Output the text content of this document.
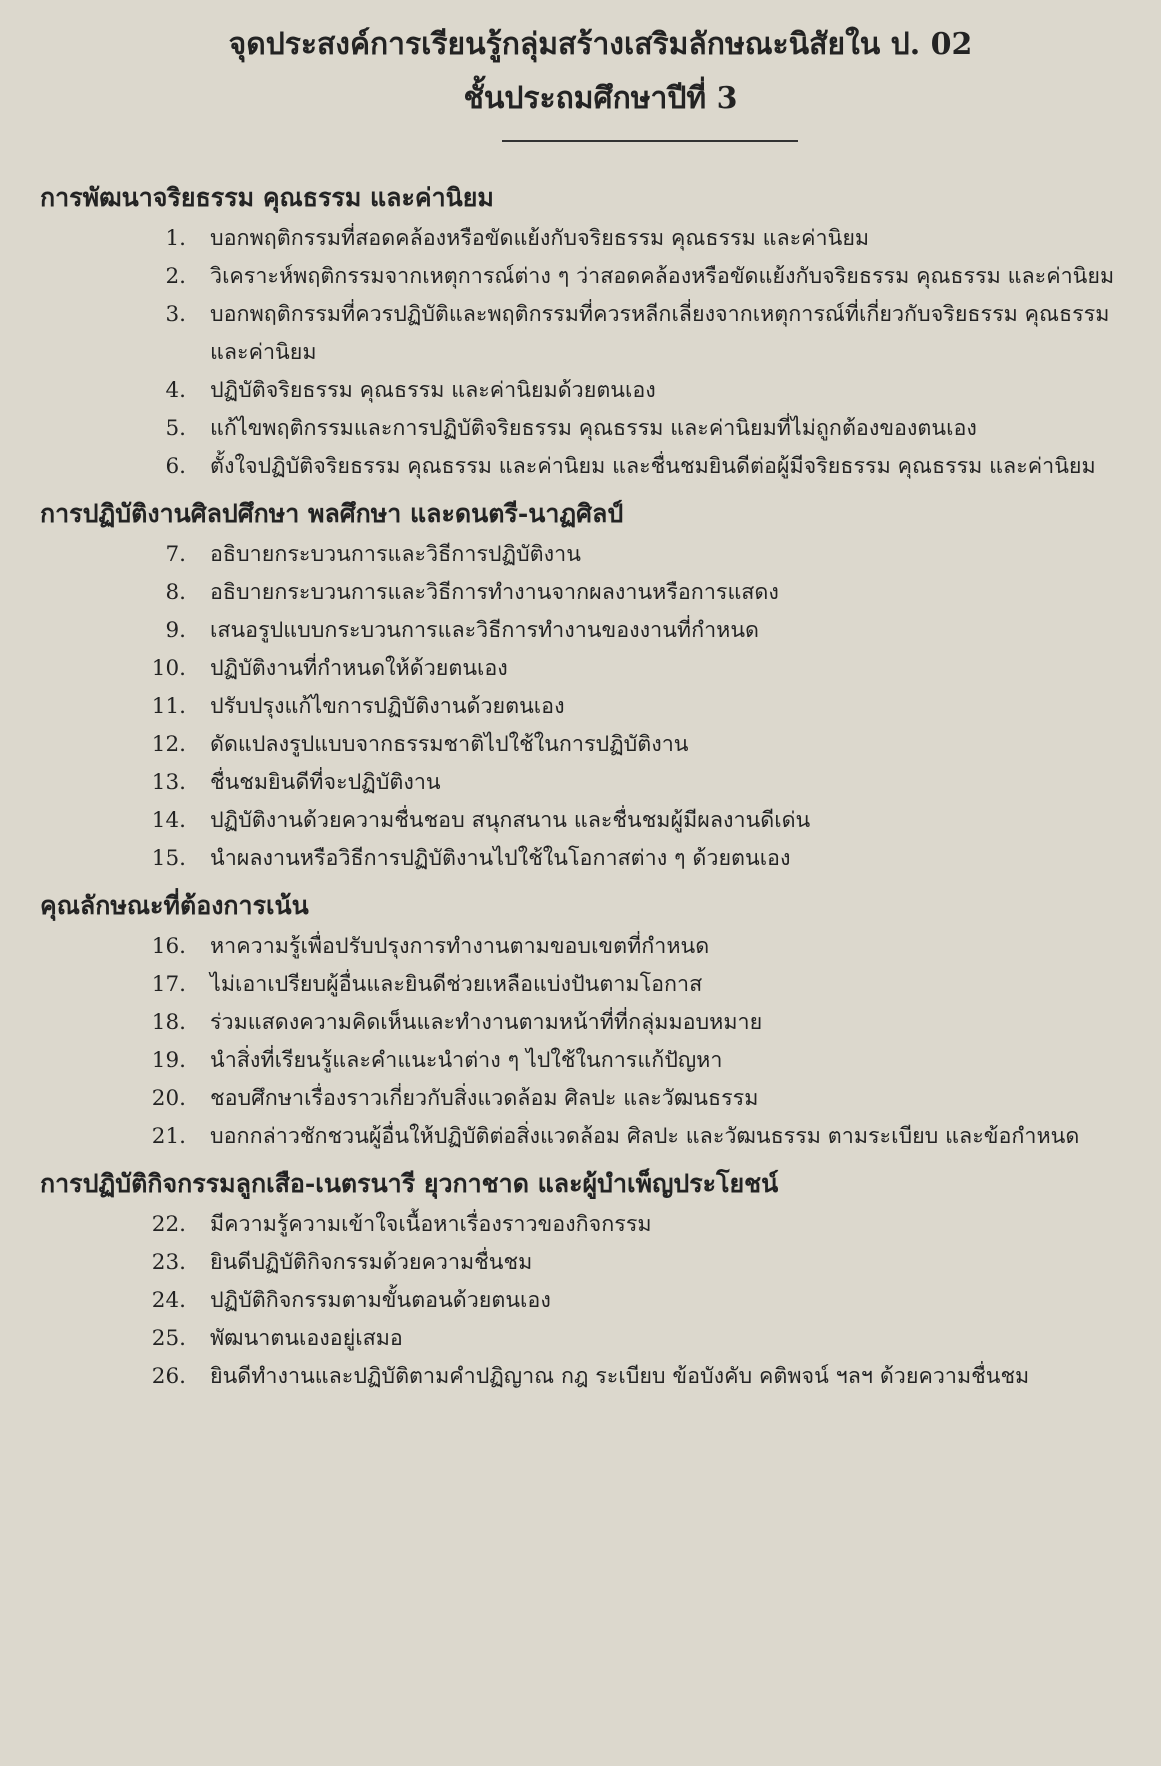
จุดประสงค์การเรียนรู้กลุ่มสร้างเสริมลักษณะนิสัยใน ป. 02
ชั้นประถมศึกษาปีที่ 3
การพัฒนาจริยธรรม คุณธรรม และค่านิยม
1.	บอกพฤติกรรมที่สอดคล้องหรือขัดแย้งกับจริยธรรม คุณธรรม และค่านิยม
2.	วิเคราะห์พฤติกรรมจากเหตุการณ์ต่าง ๆ ว่าสอดคล้องหรือขัดแย้งกับจริยธรรม คุณธรรม และค่านิยม
3.	บอกพฤติกรรมที่ควรปฏิบัติและพฤติกรรมที่ควรหลีกเลี่ยงจากเหตุการณ์ที่เกี่ยวกับจริยธรรม คุณธรรม และค่านิยม
4.	ปฏิบัติจริยธรรม คุณธรรม และค่านิยมด้วยตนเอง
5.	แก้ไขพฤติกรรมและการปฏิบัติจริยธรรม คุณธรรม และค่านิยมที่ไม่ถูกต้องของตนเอง
6.	ตั้งใจปฏิบัติจริยธรรม คุณธรรม และค่านิยม และชื่นชมยินดีต่อผู้มีจริยธรรม คุณธรรม และค่านิยม
การปฏิบัติงานศิลปศึกษา พลศึกษา และดนตรี-นาฏศิลป์
7.	อธิบายกระบวนการและวิธีการปฏิบัติงาน
8.	อธิบายกระบวนการและวิธีการทำงานจากผลงานหรือการแสดง
9.	เสนอรูปแบบกระบวนการและวิธีการทำงานของงานที่กำหนด
10.	ปฏิบัติงานที่กำหนดให้ด้วยตนเอง
11.	ปรับปรุงแก้ไขการปฏิบัติงานด้วยตนเอง
12.	ดัดแปลงรูปแบบจากธรรมชาติไปใช้ในการปฏิบัติงาน
13.	ชื่นชมยินดีที่จะปฏิบัติงาน
14.	ปฏิบัติงานด้วยความชื่นชอบ สนุกสนาน และชื่นชมผู้มีผลงานดีเด่น
15.	นำผลงานหรือวิธีการปฏิบัติงานไปใช้ในโอกาสต่าง ๆ ด้วยตนเอง
คุณลักษณะที่ต้องการเน้น
16.	หาความรู้เพื่อปรับปรุงการทำงานตามขอบเขตที่กำหนด
17.	ไม่เอาเปรียบผู้อื่นและยินดีช่วยเหลือแบ่งปันตามโอกาส
18.	ร่วมแสดงความคิดเห็นและทำงานตามหน้าที่ที่กลุ่มมอบหมาย
19.	นำสิ่งที่เรียนรู้และคำแนะนำต่าง ๆ ไปใช้ในการแก้ปัญหา
20.	ชอบศึกษาเรื่องราวเกี่ยวกับสิ่งแวดล้อม ศิลปะ และวัฒนธรรม
21.	บอกกล่าวชักชวนผู้อื่นให้ปฏิบัติต่อสิ่งแวดล้อม ศิลปะ และวัฒนธรรม ตามระเบียบ และข้อกำหนด
การปฏิบัติกิจกรรมลูกเสือ-เนตรนารี ยุวกาชาด และผู้บำเพ็ญประโยชน์
22.	มีความรู้ความเข้าใจเนื้อหาเรื่องราวของกิจกรรม
23.	ยินดีปฏิบัติกิจกรรมด้วยความชื่นชม
24.	ปฏิบัติกิจกรรมตามขั้นตอนด้วยตนเอง
25.	พัฒนาตนเองอยู่เสมอ
26.	ยินดีทำงานและปฏิบัติตามคำปฏิญาณ กฎ ระเบียบ ข้อบังคับ คติพจน์ ฯลฯ ด้วยความชื่นชม
